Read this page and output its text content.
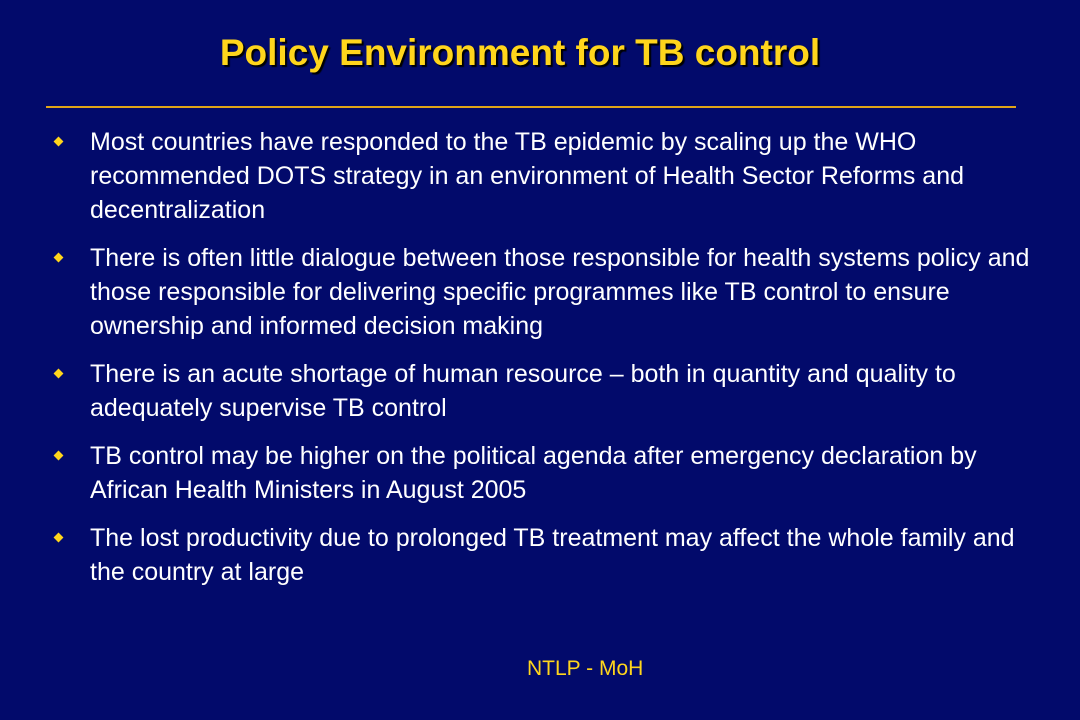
Policy Environment for TB control
Most countries have responded to the TB epidemic by scaling up the WHO recommended DOTS strategy in an environment of Health Sector Reforms and decentralization
There is often little dialogue between those responsible for health systems policy and those responsible for delivering specific programmes like TB control to ensure ownership and informed decision making
There is an acute shortage of human resource – both in quantity and quality to adequately supervise TB control
TB control may be higher on the political agenda after emergency declaration by African Health Ministers in August 2005
The lost productivity due to prolonged TB treatment may affect the whole family and the country at large
NTLP - MoH
